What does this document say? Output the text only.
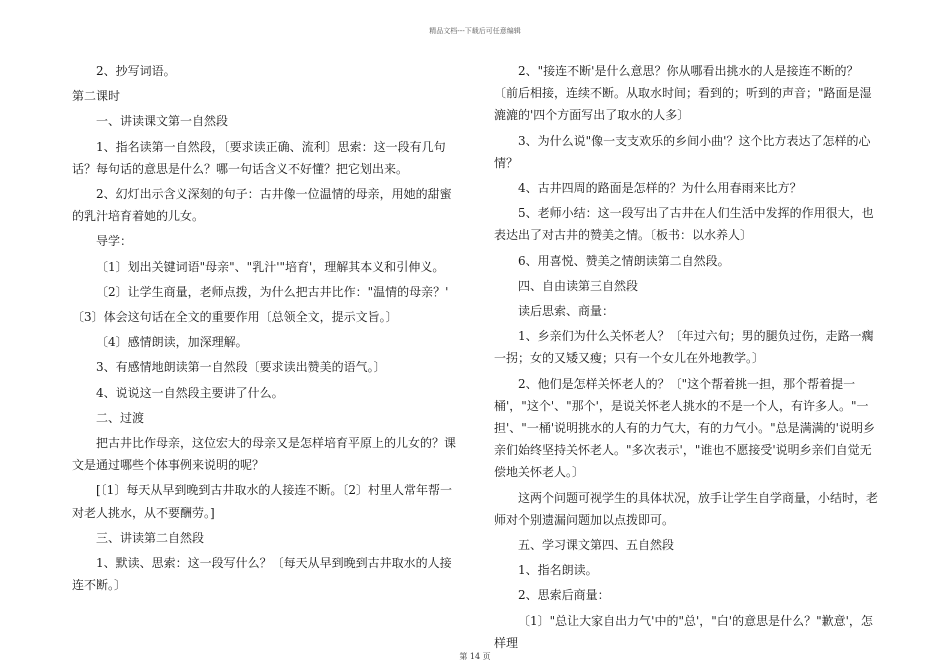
精品文档---下载后可任意编辑

2、抄写词语。

第二课时

一、讲读课文第一自然段

1、指名读第一自然段，〔要求读正确、流利〕思索：这一段有几句话？每句话的意思是什么？哪一句话含义不好懂？把它划出来。

2、幻灯出示含义深刻的句子：古井像一位温情的母亲，用她的甜蜜的乳汁培育着她的儿女。

导学：

〔1〕划出关键词语"母亲"、"乳汁'"培育'，理解其本义和引伸义。

〔2〕让学生商量，老师点拨，为什么把古井比作："温情的母亲？'

〔3〕体会这句话在全文的重要作用〔总领全文，提示文旨。〕

〔4〕感情朗读，加深理解。

3、有感情地朗读第一自然段〔要求读出赞美的语气。〕

4、说说这一自然段主要讲了什么。

二、过渡

把古井比作母亲，这位宏大的母亲又是怎样培育平原上的儿女的？课文是通过哪些个体事例来说明的呢？

[〔1〕每天从早到晚到古井取水的人接连不断。〔2〕村里人常年帮一对老人挑水，从不要酬劳。]

三、讲读第二自然段

1、默读、思索：这一段写什么？〔每天从早到晚到古井取水的人接连不断。〕

2、"接连不断'是什么意思？你从哪看出挑水的人是接连不断的？〔前后相接，连续不断。从取水时间；看到的；听到的声音；"路面是湿漉漉的'四个方面写出了取水的人多〕

3、为什么说"像一支支欢乐的乡间小曲'？这个比方表达了怎样的心情？

4、古井四周的路面是怎样的？为什么用春雨来比方？

5、老师小结：这一段写出了古井在人们生活中发挥的作用很大，也表达出了对古井的赞美之情。〔板书：以水养人〕

6、用喜悦、赞美之情朗读第二自然段。

四、自由读第三自然段

读后思索、商量：

1、乡亲们为什么关怀老人？〔年过六旬；男的腿负过伤，走路一瘸一拐；女的又矮又瘦；只有一个女儿在外地教学。〕

2、他们是怎样关怀老人的？〔"这个帮着挑一担，那个帮着提一桶'，"这个'、"那个'，是说关怀老人挑水的不是一个人，有许多人。"一担'、"一桶'说明挑水的人有的力气大，有的力气小。"总是满满的'说明乡亲们始终坚持关怀老人。"多次表示'，"谁也不愿接受'说明乡亲们自觉无偿地关怀老人。〕

这两个问题可视学生的具体状况，放手让学生自学商量，小结时，老师对个别遗漏问题加以点拨即可。

五、学习课文第四、五自然段

1、指名朗读。

2、思索后商量：

〔1〕"总让大家自出力气'中的"总'，"白'的意思是什么？"歉意'，怎样理

第 14 页
